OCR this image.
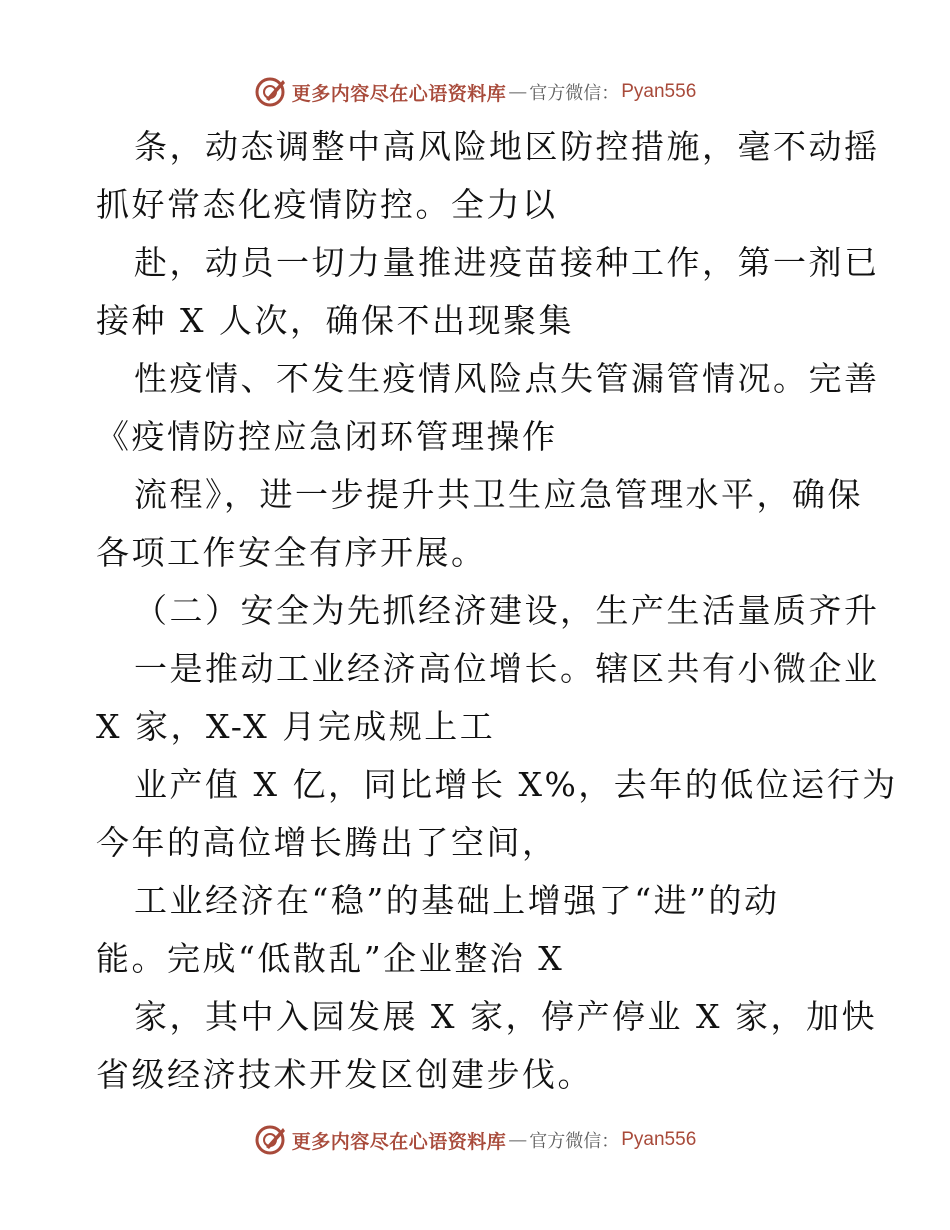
更多内容尽在心语资料库 — 官方微信： Pyan556

条，动态调整中高风险地区防控措施，毫不动摇

抓好常态化疫情防控。全力以

赴，动员一切力量推进疫苗接种工作，第一剂已

接种 X 人次，确保不出现聚集

性疫情、不发生疫情风险点失管漏管情况。完善

《疫情防控应急闭环管理操作

流程》，进一步提升共卫生应急管理水平，确保

各项工作安全有序开展。

（二）安全为先抓经济建设，生产生活量质齐升

一是推动工业经济高位增长。辖区共有小微企业

X 家，X-X 月完成规上工

业产值 X 亿，同比增长 X%，去年的低位运行为

今年的高位增长腾出了空间，

工业经济在“稳”的基础上增强了“进”的动

能。完成“低散乱”企业整治 X

家，其中入园发展 X 家，停产停业 X 家，加快

省级经济技术开发区创建步伐。

更多内容尽在心语资料库 — 官方微信： Pyan556
